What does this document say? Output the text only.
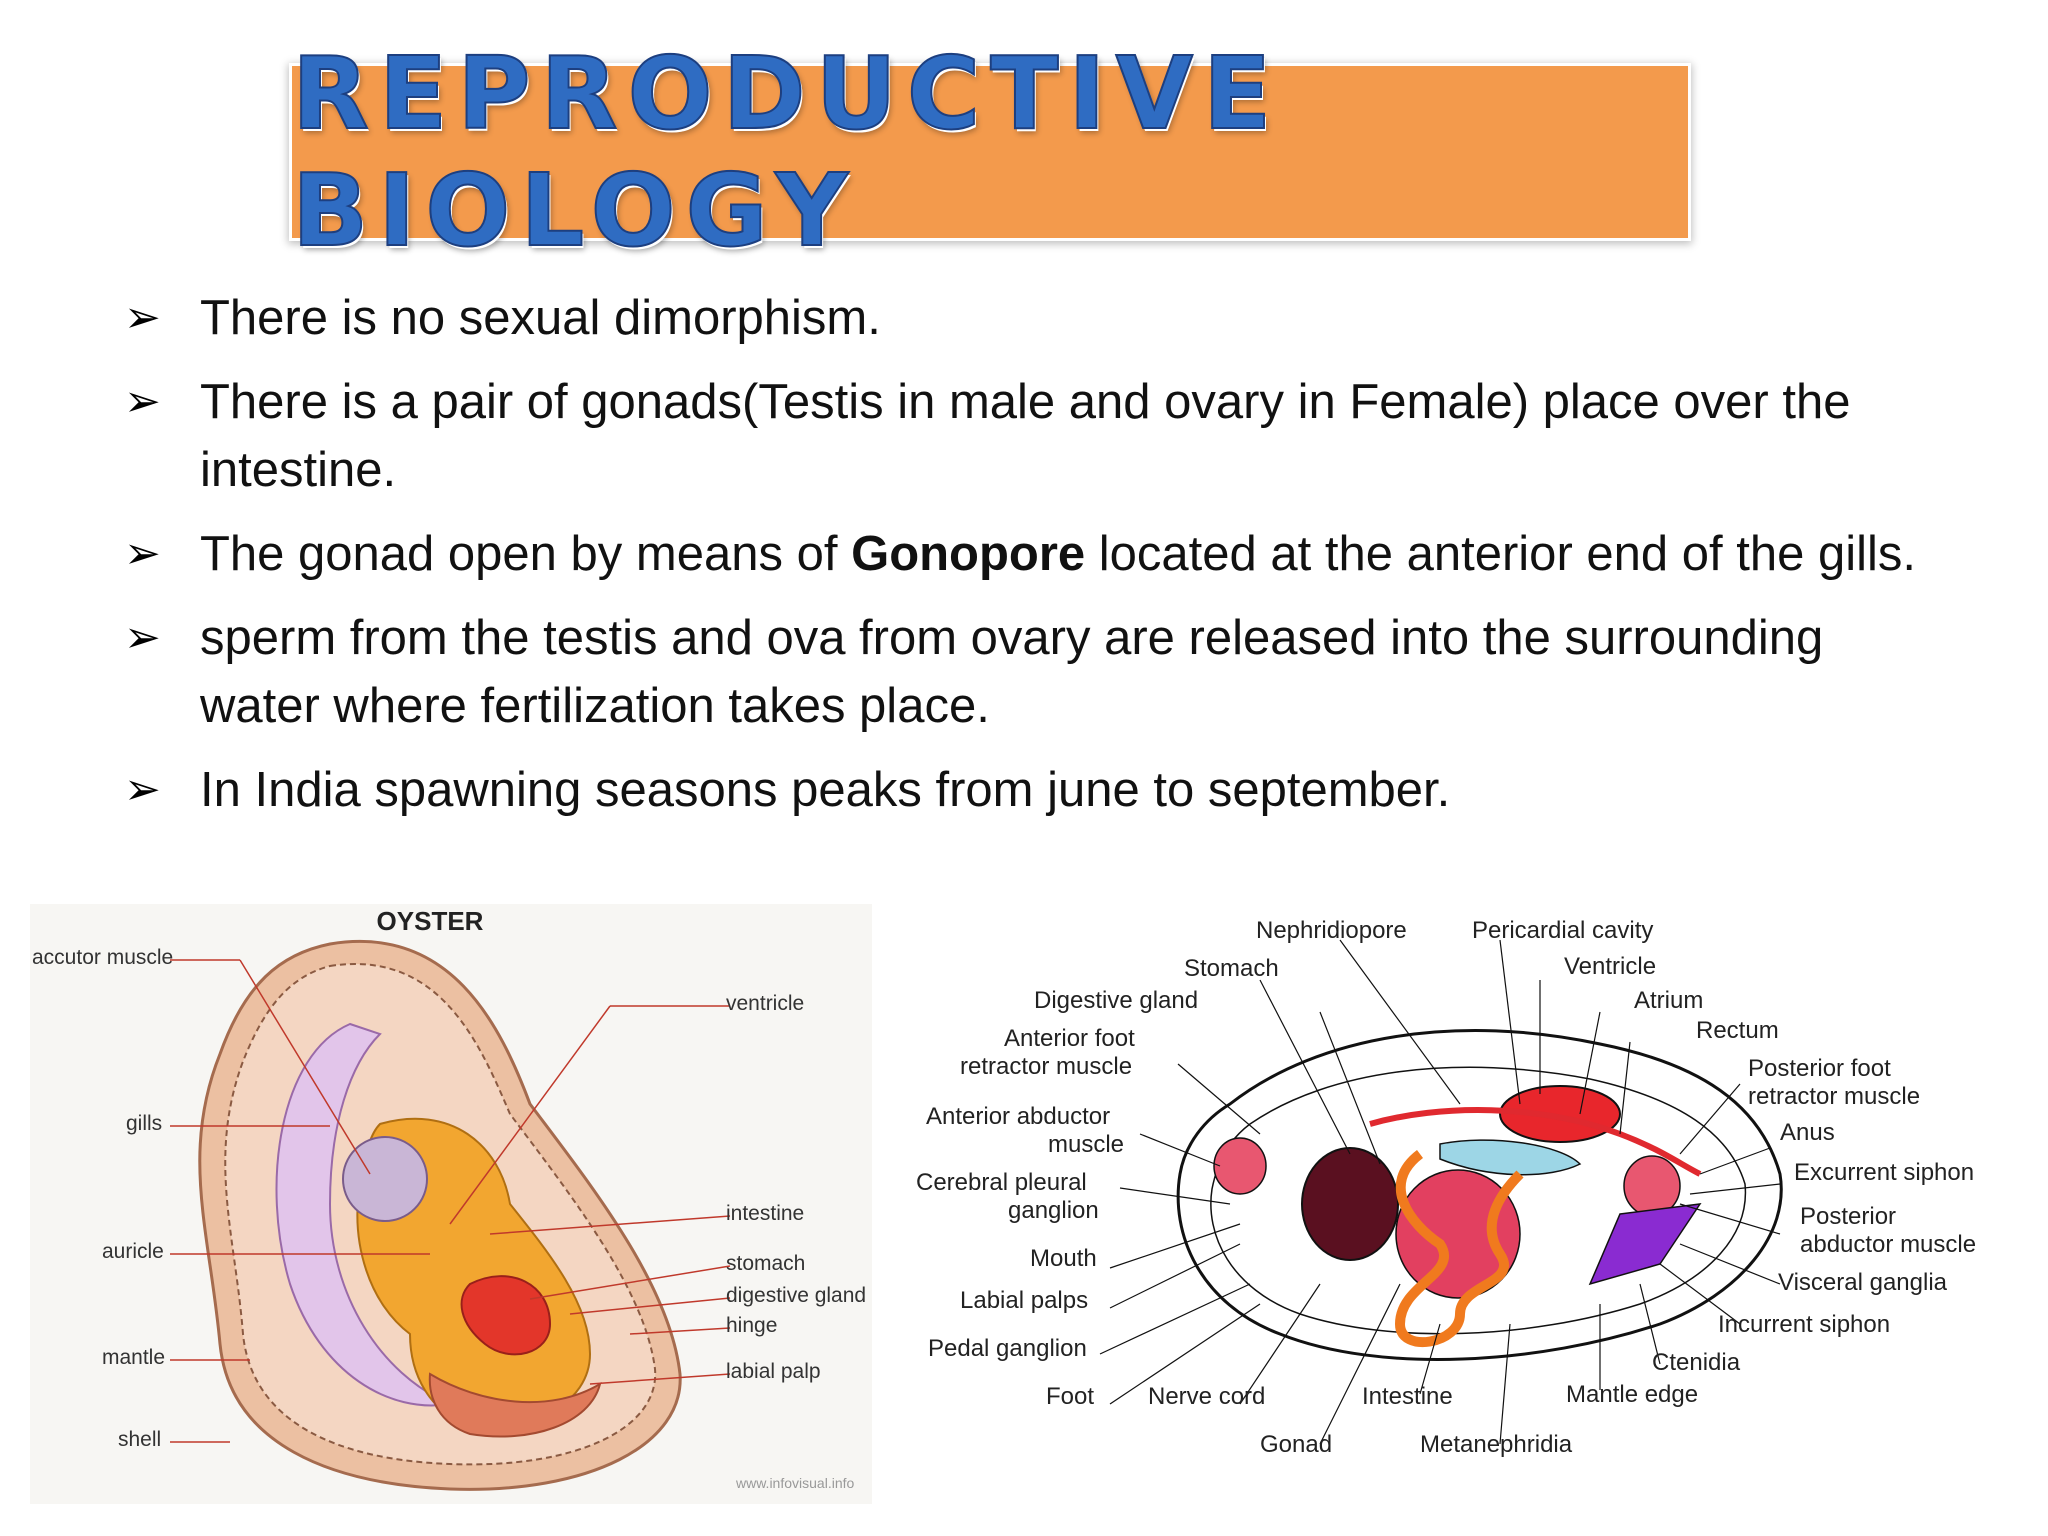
REPRODUCTIVE BIOLOGY
➢ There is no sexual dimorphism.
➢ There is a pair of gonads(Testis in male and ovary in Female) place over the intestine.
➢ The gonad open by means of Gonopore located at the anterior end of the gills.
➢ sperm from the testis and ova from ovary are released into the surrounding water where fertilization takes place.
➢ In India spawning seasons peaks from june to september.
OYSTER
accutor muscle
gills
auricle
mantle
shell
ventricle
intestine
stomach
digestive gland
hinge
labial palp
www.infovisual.info
Nephridiopore	Pericardial cavity
Stomach	Ventricle
Digestive gland	Atrium
Rectum
Anterior foot
retractor muscle	Posterior foot
retractor muscle
Anterior abductor
muscle	Anus
Excurrent siphon
Cerebral pleural
ganglion	Posterior
abductor muscle
Mouth
Visceral ganglia
Labial palps
Incurrent siphon
Pedal ganglion
Ctenidia
Foot Nerve cord	Intestine	Mantle edge
Gonad	Metanephridia
